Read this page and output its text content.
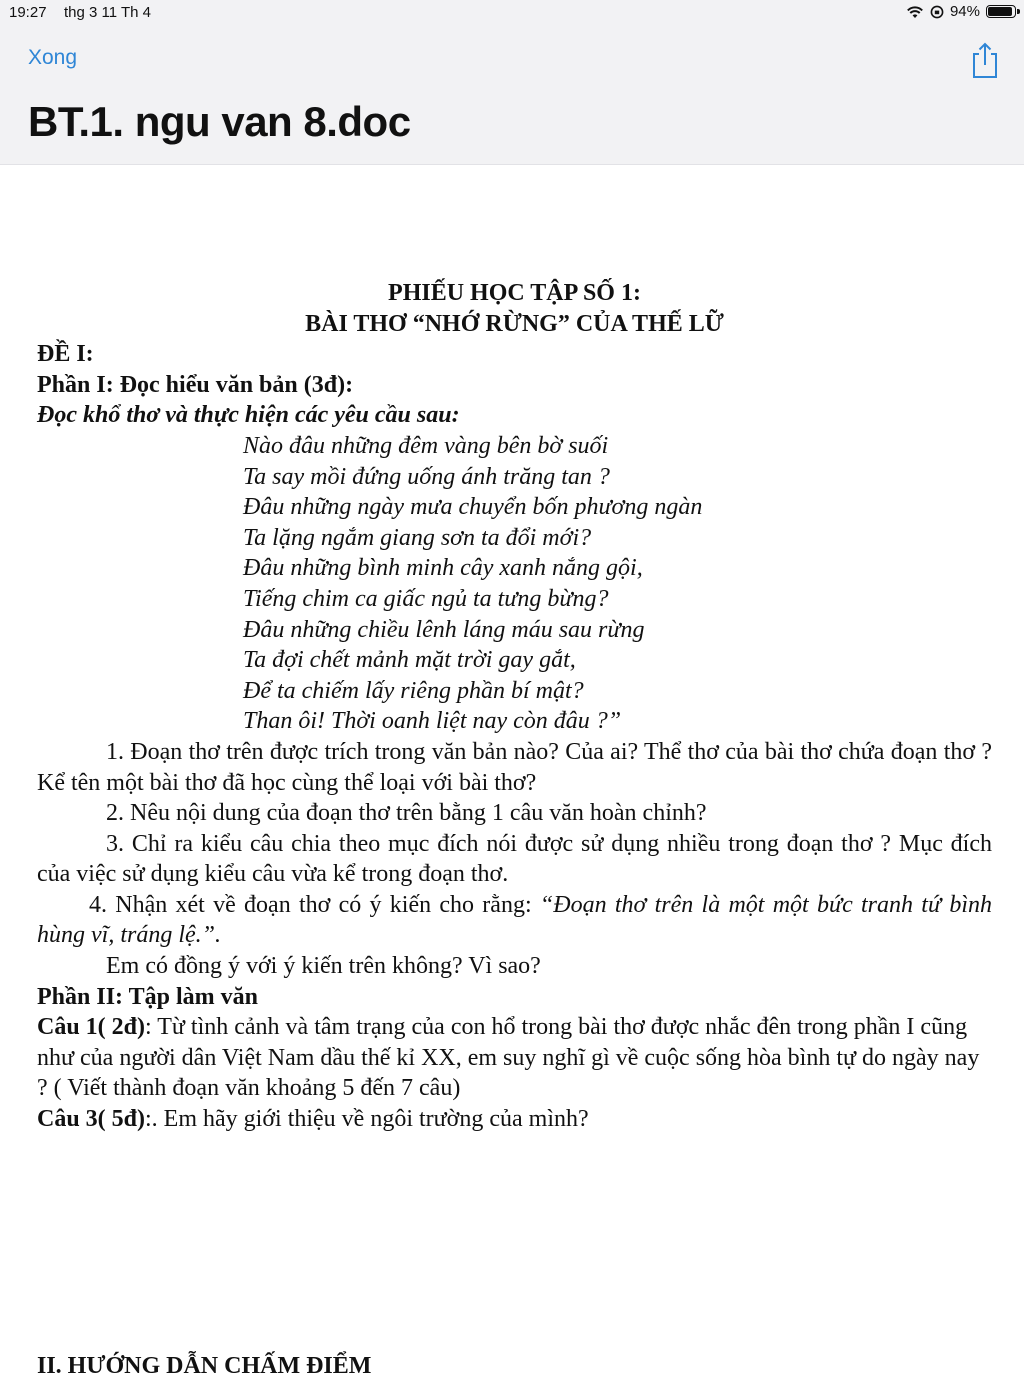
19:27 thg 3 11 Th 4	94%
Xong
BT.1. ngu van 8.doc
PHIẾU HỌC TẬP SỐ 1:
BÀI THƠ “NHỚ RỪNG” CỦA THẾ LỮ
ĐỀ I:
Phần I: Đọc hiểu văn bản (3đ):
Đọc khổ thơ và thực hiện các yêu cầu sau:
Nào đâu những đêm vàng bên bờ suối
Ta say mồi đứng uống ánh trăng tan ?
Đâu những ngày mưa chuyển bốn phương ngàn
Ta lặng ngắm giang sơn ta đổi mới?
Đâu những bình minh cây xanh nắng gội,
Tiếng chim ca giấc ngủ ta tưng bừng?
Đâu những chiều lênh láng máu sau rừng
Ta đợi chết mảnh mặt trời gay gắt,
Để ta chiếm lấy riêng phần bí mật?
Than ôi! Thời oanh liệt nay còn đâu ?”
1. Đoạn thơ trên được trích trong văn bản nào? Của ai? Thể thơ của bài thơ chứa đoạn thơ ? Kể tên một bài thơ đã học cùng thể loại với bài thơ?
2. Nêu nội dung của đoạn thơ trên bằng 1 câu văn hoàn chỉnh?
3. Chỉ ra kiểu câu chia theo mục đích nói được sử dụng nhiều trong đoạn thơ ? Mục đích của việc sử dụng kiểu câu vừa kể trong đoạn thơ.
4. Nhận xét về đoạn thơ có ý kiến cho rằng: “Đoạn thơ trên là một một bức tranh tứ bình hùng vĩ, tráng lệ.”.
Em có đồng ý với ý kiến trên không? Vì sao?
Phần II: Tập làm văn
Câu 1( 2đ): Từ tình cảnh và tâm trạng của con hổ trong bài thơ được nhắc đên trong phần I cũng như của người dân Việt Nam dầu thế kỉ XX, em suy nghĩ gì về cuộc sống hòa bình tự do ngày nay ? ( Viết thành đoạn văn khoảng 5 đến 7 câu)
Câu 3( 5đ):. Em hãy giới thiệu về ngôi trường của mình?
II. HƯỚNG DẪN CHẤM ĐIỂM
